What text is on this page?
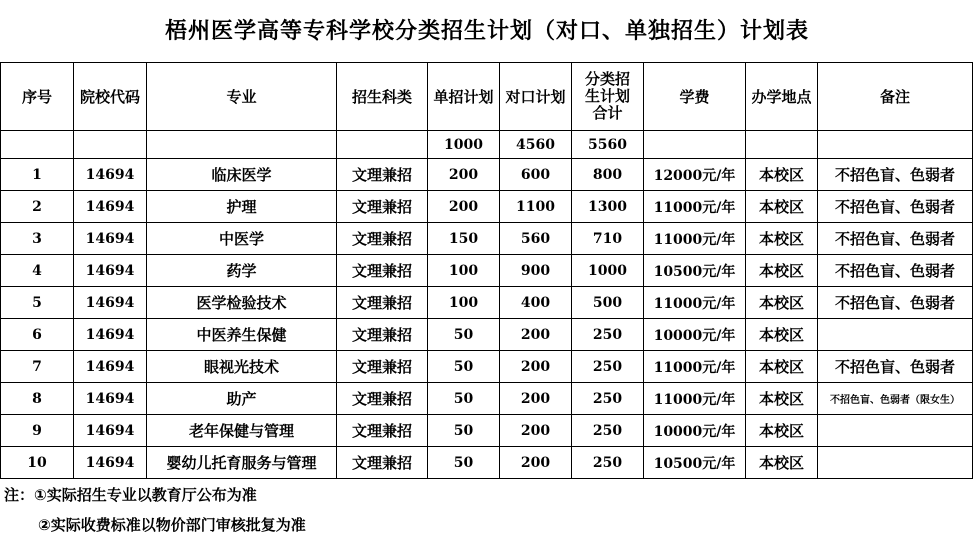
梧州医学高等专科学校分类招生计划（对口、单独招生）计划表
序号	院校代码	专业	招生科类	单招计划	对口计划	分类招生计划合计	学费	办学地点	备注
				1000	4560	5560			
1	14694	临床医学	文理兼招	200	600	800	12000元/年	本校区	不招色盲、色弱者
2	14694	护理	文理兼招	200	1100	1300	11000元/年	本校区	不招色盲、色弱者
3	14694	中医学	文理兼招	150	560	710	11000元/年	本校区	不招色盲、色弱者
4	14694	药学	文理兼招	100	900	1000	10500元/年	本校区	不招色盲、色弱者
5	14694	医学检验技术	文理兼招	100	400	500	11000元/年	本校区	不招色盲、色弱者
6	14694	中医养生保健	文理兼招	50	200	250	10000元/年	本校区	
7	14694	眼视光技术	文理兼招	50	200	250	11000元/年	本校区	不招色盲、色弱者
8	14694	助产	文理兼招	50	200	250	11000元/年	本校区	不招色盲、色弱者（限女生）
9	14694	老年保健与管理	文理兼招	50	200	250	10000元/年	本校区	
10	14694	婴幼儿托育服务与管理	文理兼招	50	200	250	10500元/年	本校区	
注：①实际招生专业以教育厅公布为准
②实际收费标准以物价部门审核批复为准
